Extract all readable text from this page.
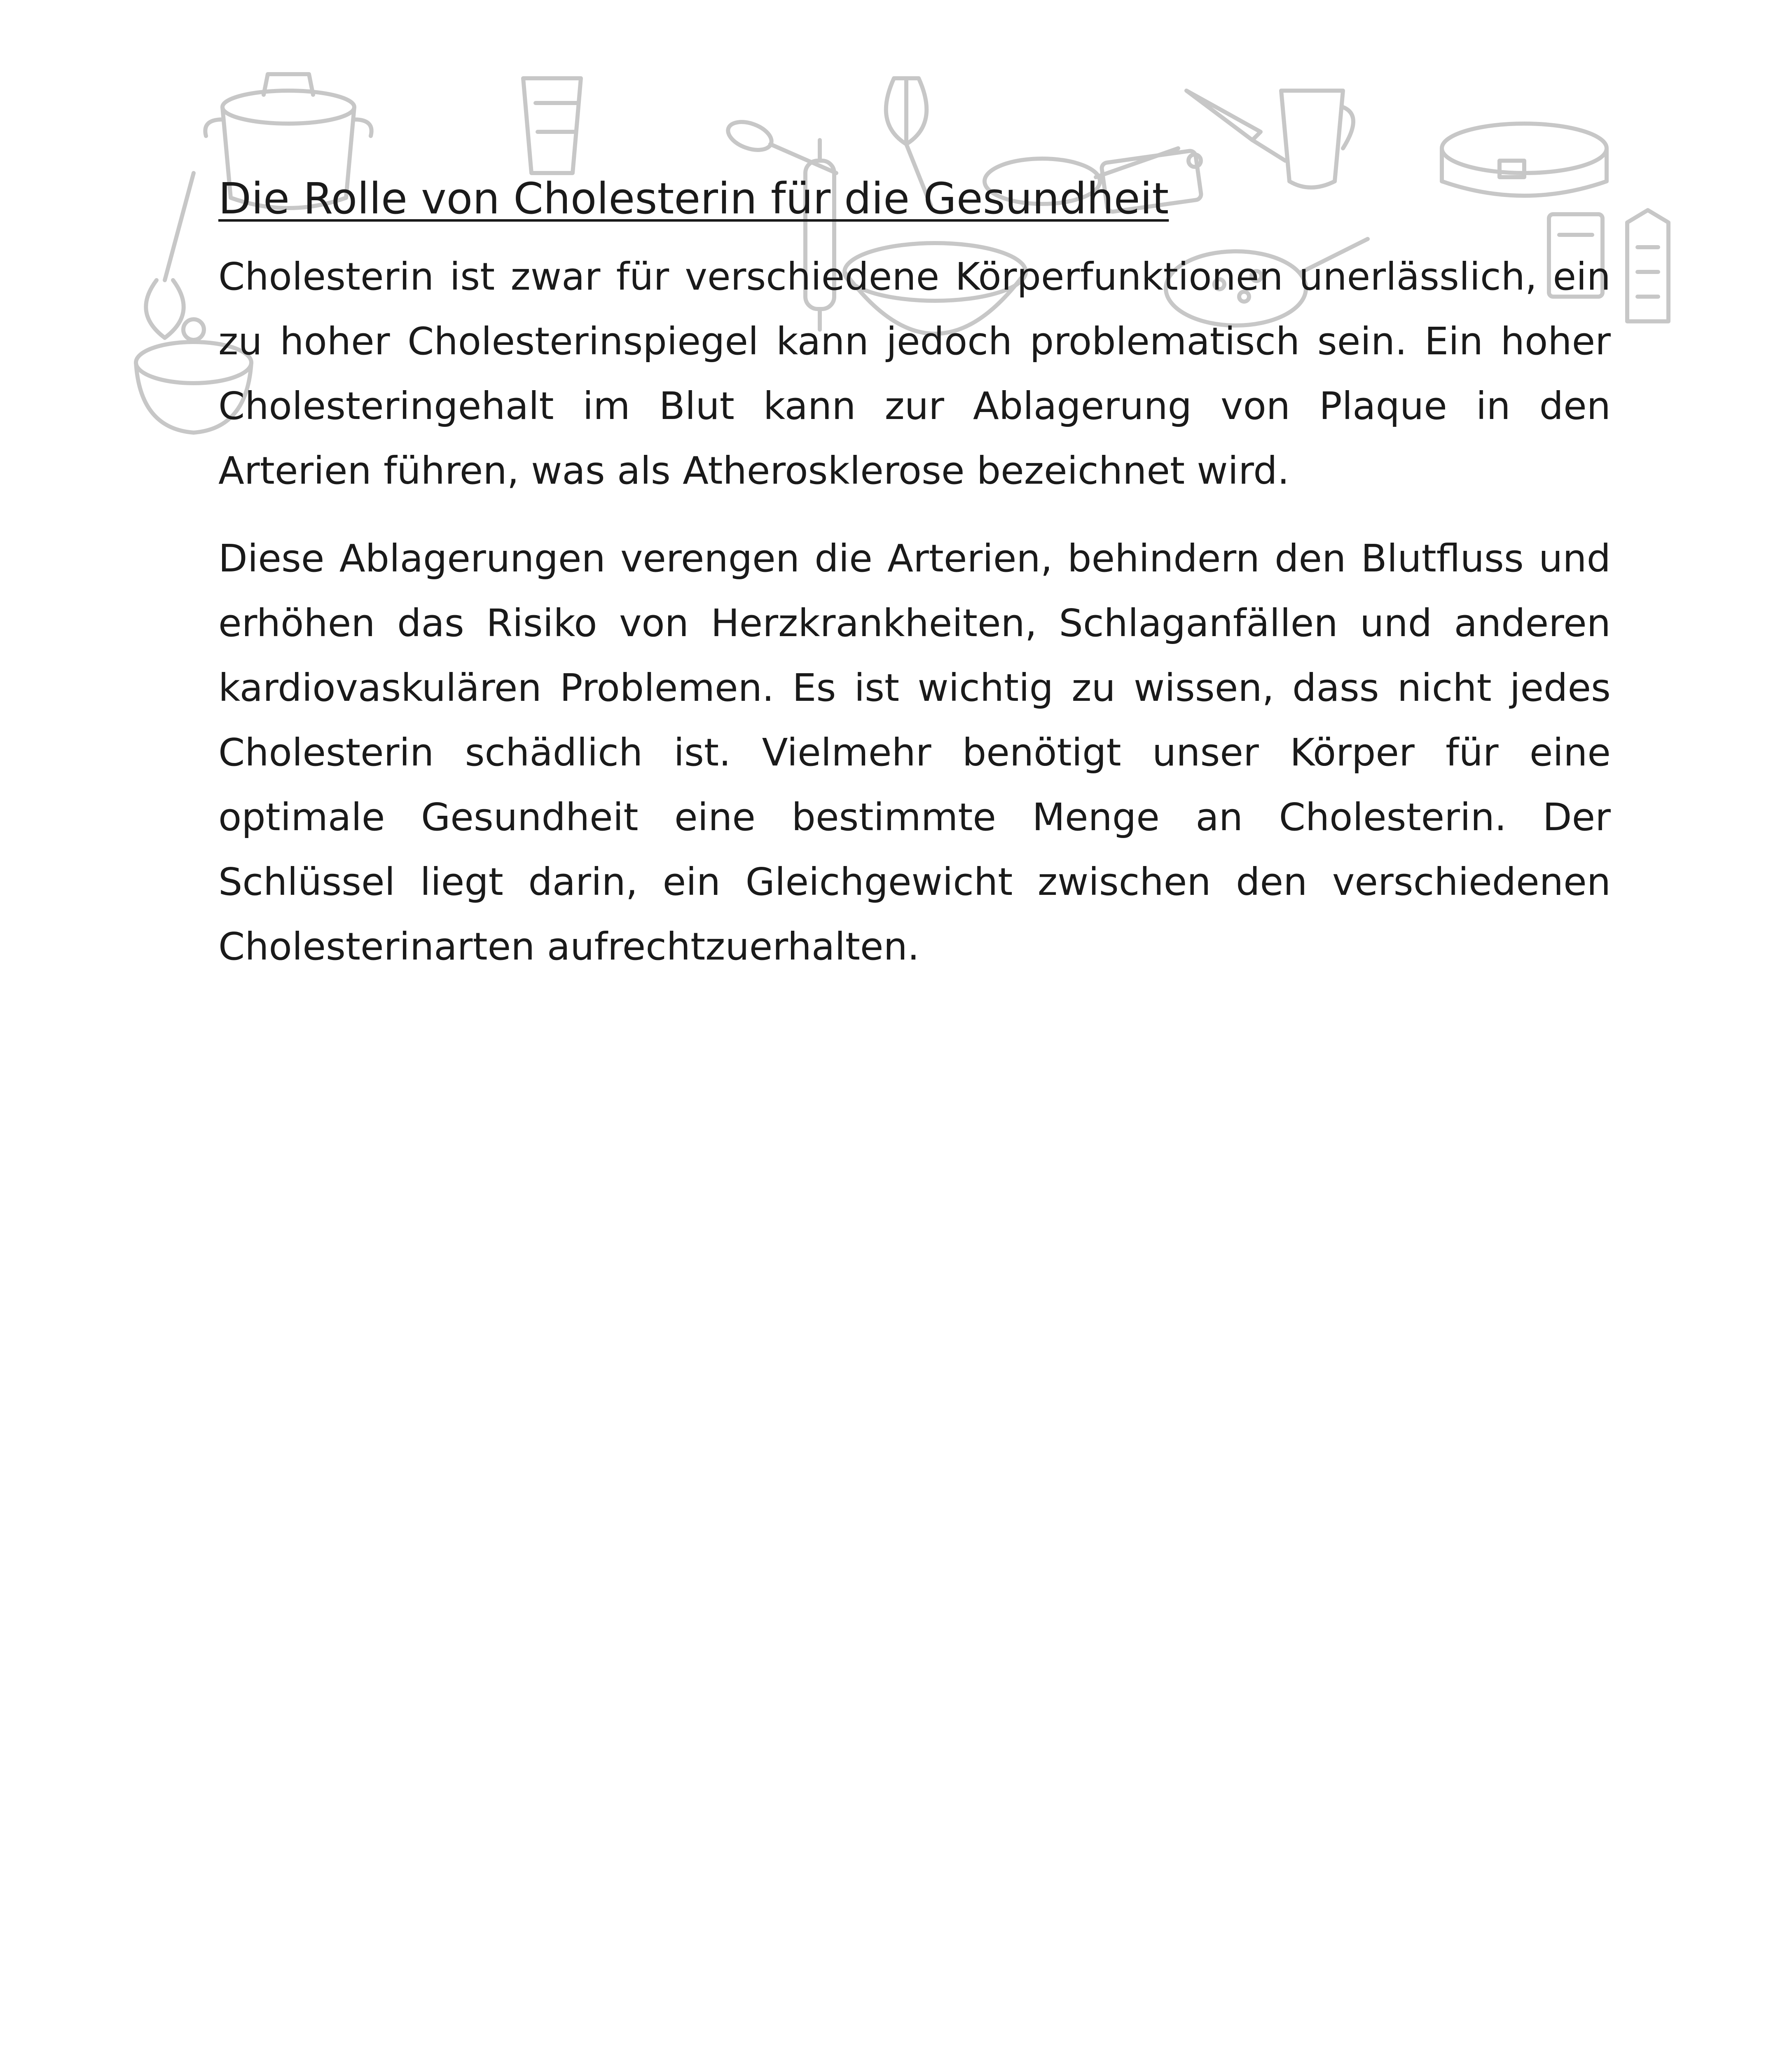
Die Rolle von Cholesterin für die Gesundheit

Cholesterin ist zwar für verschiedene Körperfunktionen unerlässlich, ein zu hoher Cholesterinspiegel kann jedoch problematisch sein. Ein hoher Cholesteringehalt im Blut kann zur Ablagerung von Plaque in den Arterien führen, was als Atherosklerose bezeichnet wird.

Diese Ablagerungen verengen die Arterien, behindern den Blutfluss und erhöhen das Risiko von Herzkrankheiten, Schlaganfällen und anderen kardiovaskulären Problemen. Es ist wichtig zu wissen, dass nicht jedes Cholesterin schädlich ist. Vielmehr benötigt unser Körper für eine optimale Gesundheit eine bestimmte Menge an Cholesterin. Der Schlüssel liegt darin, ein Gleichgewicht zwischen den verschiedenen Cholesterinarten aufrechtzuerhalten.
